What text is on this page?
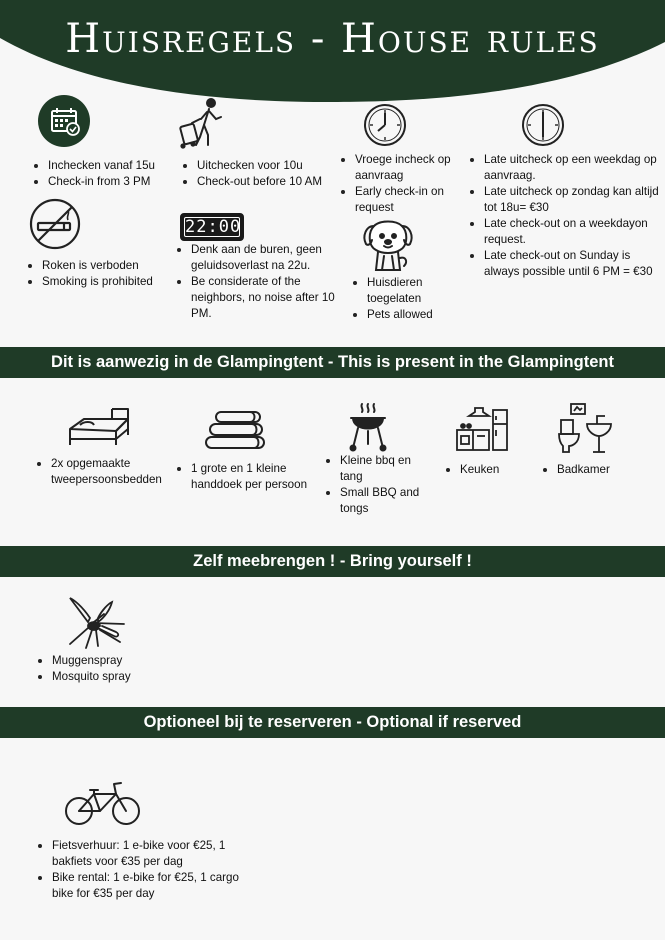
Huisregels - House rules
Inchecken vanaf 15u
Check-in from 3 PM
Uitchecken voor 10u
Check-out before 10 AM
Vroege incheck op aanvraag
Early check-in on request
Late uitcheck op een weekdag op aanvraag.
Late uitcheck op zondag kan altijd tot 18u= €30
Late check-out on a weekdayon request.
Late check-out on Sunday is always possible until 6 PM = €30
22:00
Roken is verboden
Smoking is prohibited
Denk aan de buren, geen geluidsoverlast na 22u.
Be considerate of the neighbors, no noise after 10 PM.
Huisdieren toegelaten
Pets allowed
Dit is aanwezig in de Glampingtent - This is present in the Glampingtent
2x opgemaakte tweepersoonsbedden
1 grote en 1 kleine handdoek per persoon
Kleine bbq en tang
Small BBQ and tongs
Keuken	Badkamer
Zelf meebrengen ! - Bring yourself !
Muggenspray
Mosquito spray
Optioneel bij te reserveren - Optional if reserved
Fietsverhuur: 1 e-bike voor €25, 1 bakfiets voor €35 per dag
Bike rental: 1 e-bike for €25, 1 cargo bike for €35 per day
